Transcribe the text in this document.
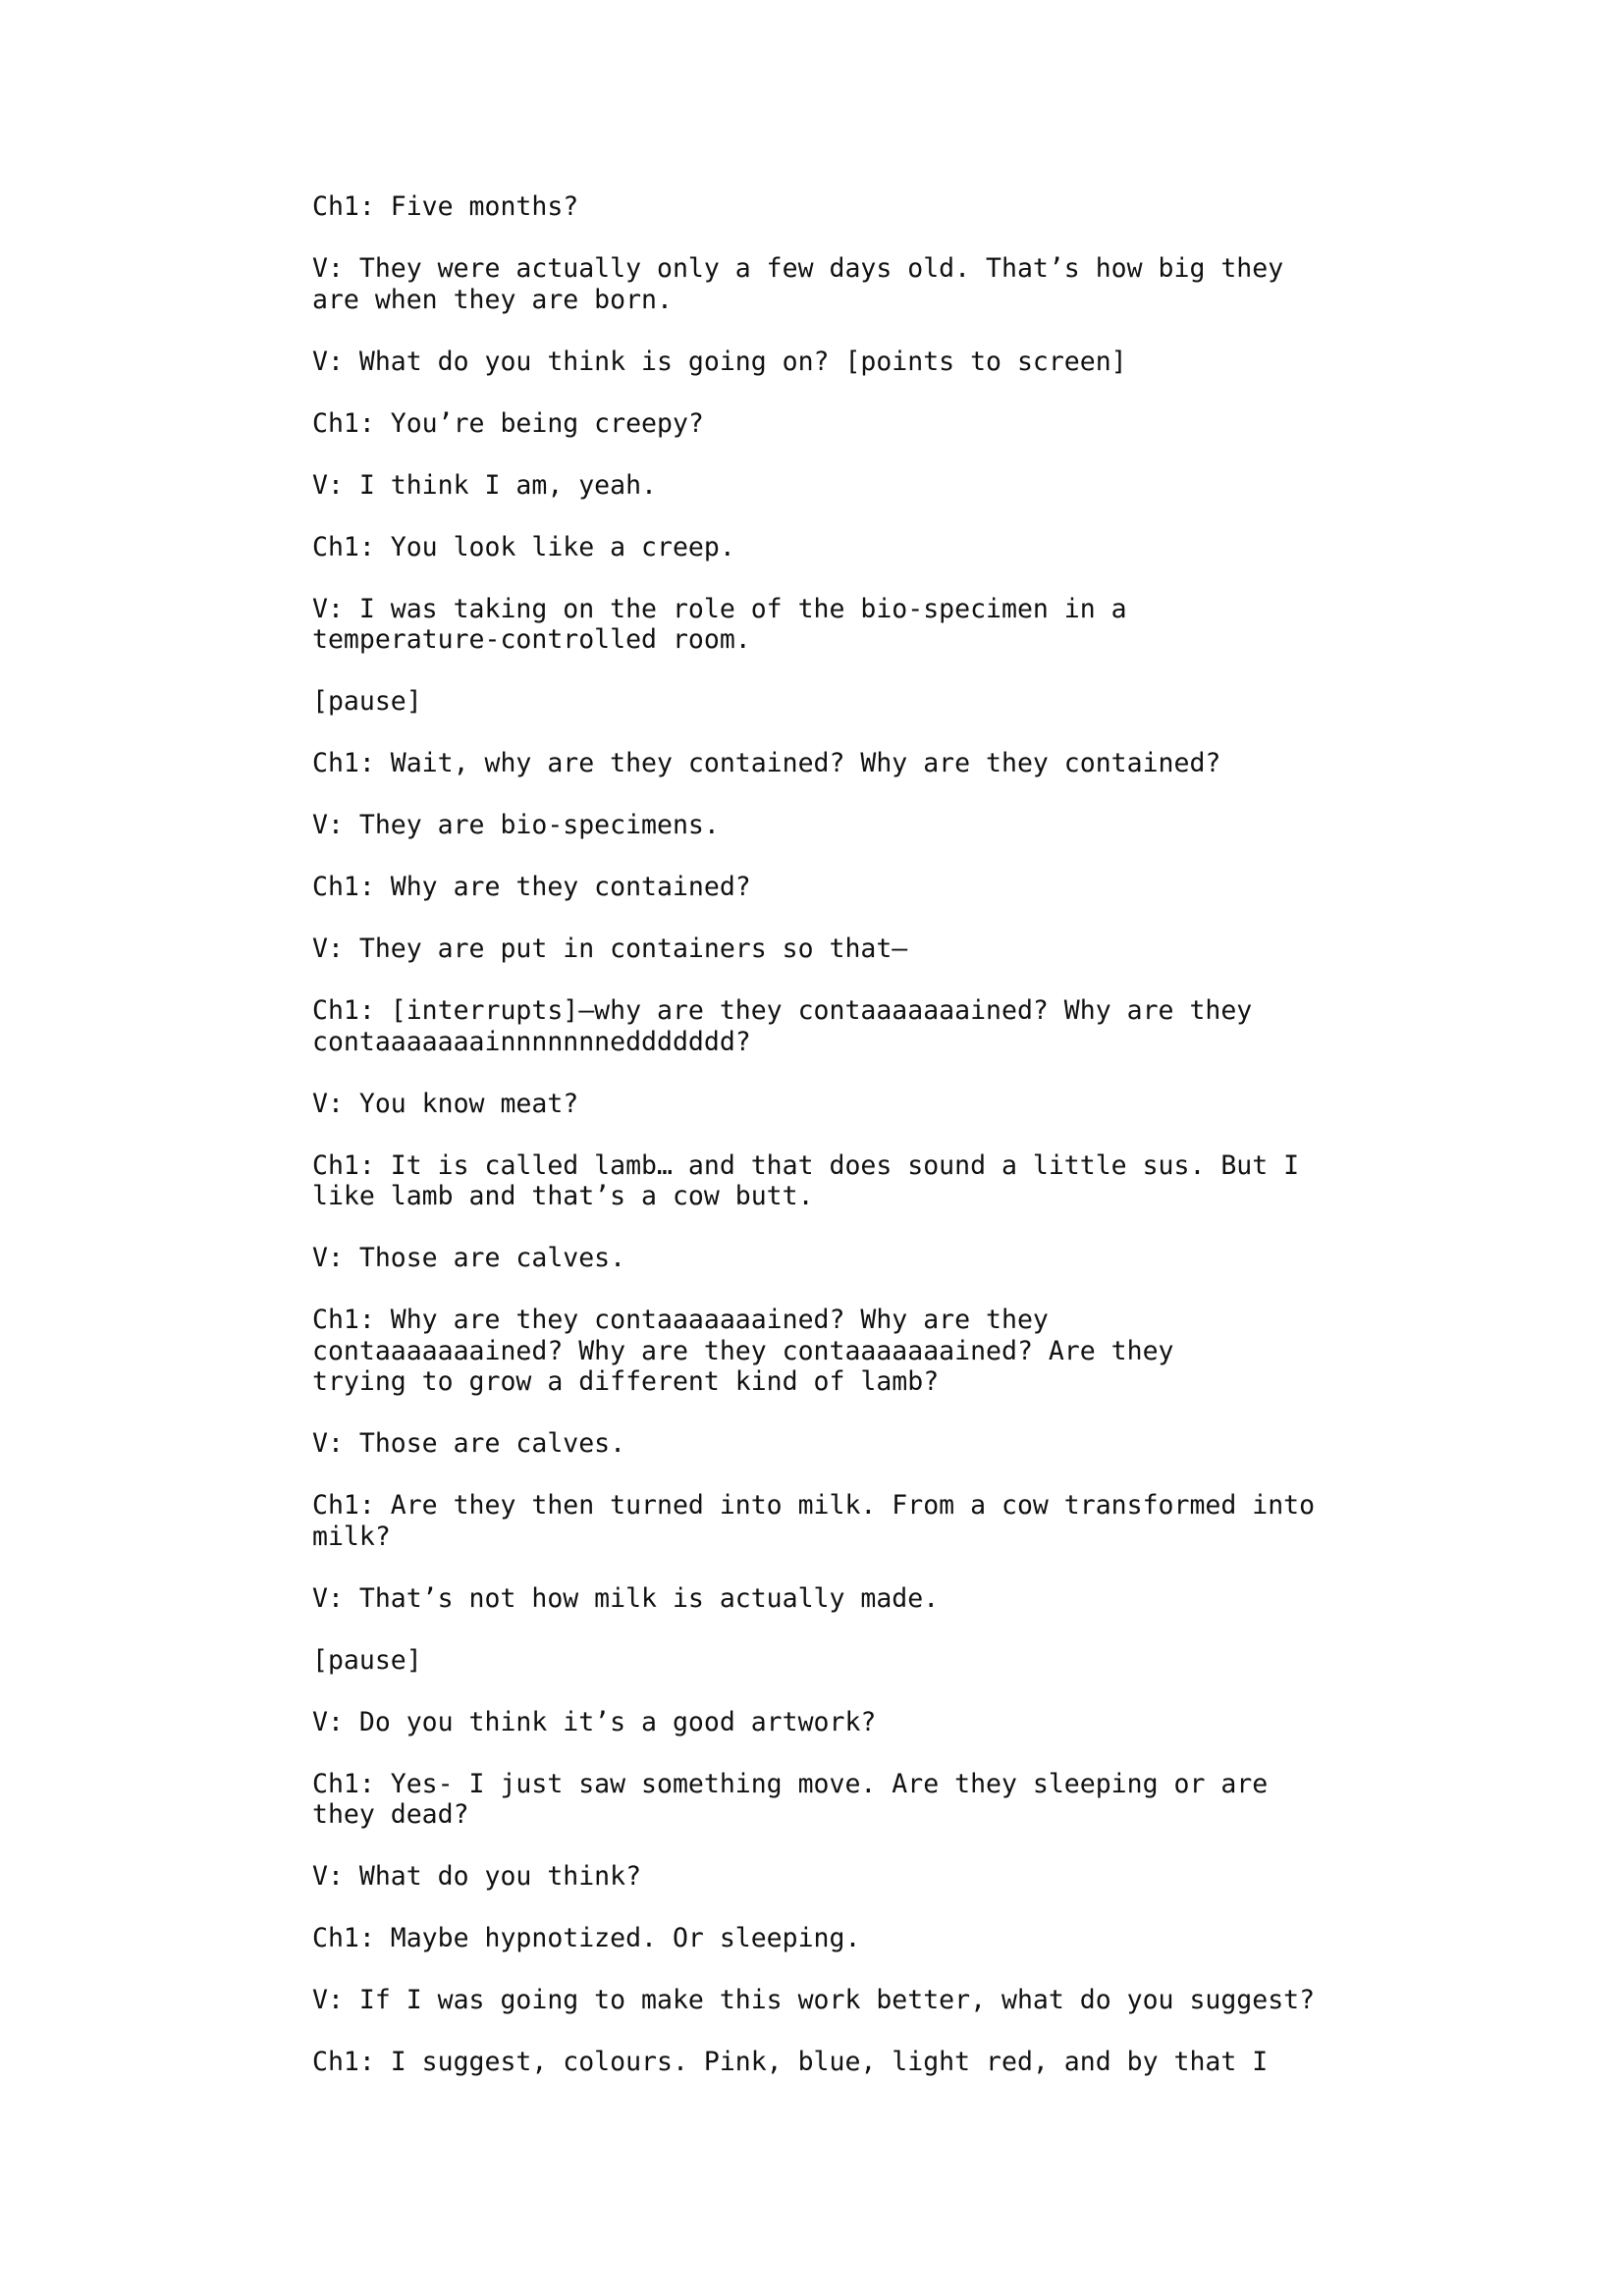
Ch1: Five months?
V: They were actually only a few days old. That’s how big they
are when they are born.
V: What do you think is going on? [points to screen]
Ch1: You’re being creepy?
V: I think I am, yeah.
Ch1: You look like a creep.
V: I was taking on the role of the bio-specimen in a
temperature-controlled room.
[pause]
Ch1: Wait, why are they contained? Why are they contained?
V: They are bio-specimens.
Ch1: Why are they contained?
V: They are put in containers so that—
Ch1: [interrupts]—why are they contaaaaaaained? Why are they
contaaaaaaainnnnnnneddddddd?
V: You know meat?
Ch1: It is called lamb… and that does sound a little sus. But I
like lamb and that’s a cow butt.
V: Those are calves.
Ch1: Why are they contaaaaaaained? Why are they
contaaaaaaained? Why are they contaaaaaaained? Are they
trying to grow a different kind of lamb?
V: Those are calves.
Ch1: Are they then turned into milk. From a cow transformed into
milk?
V: That’s not how milk is actually made.
[pause]
V: Do you think it’s a good artwork?
Ch1: Yes- I just saw something move. Are they sleeping or are
they dead?
V: What do you think?
Ch1: Maybe hypnotized. Or sleeping.
V: If I was going to make this work better, what do you suggest?
Ch1: I suggest, colours. Pink, blue, light red, and by that I
